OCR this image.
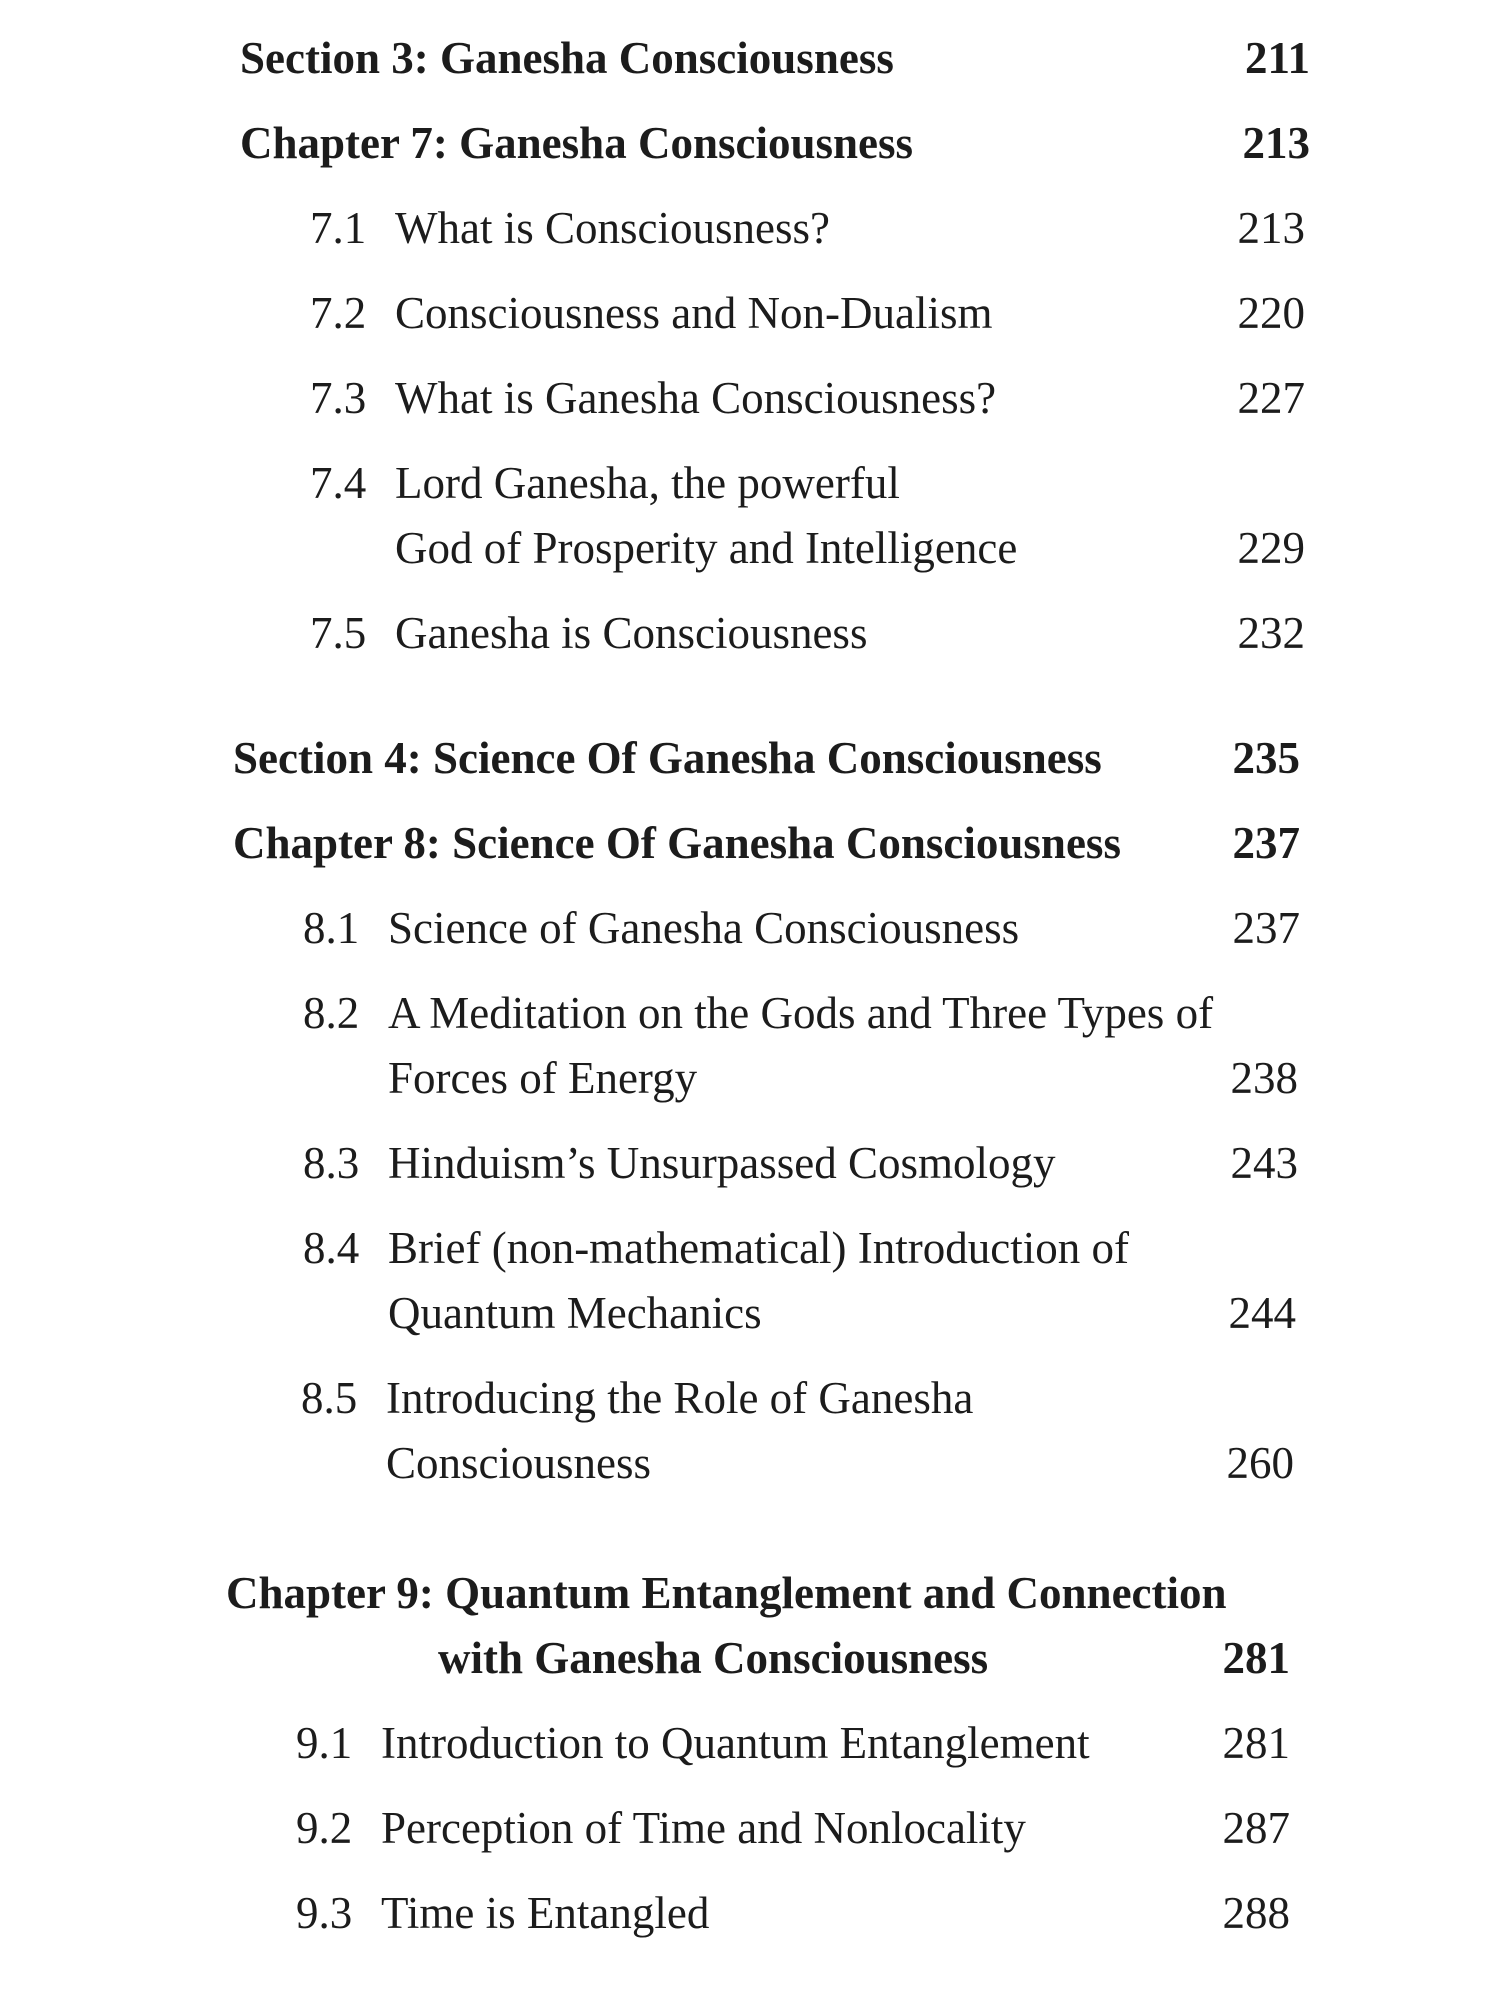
Section 3: Ganesha Consciousness	211
Chapter 7: Ganesha Consciousness	213
7.1 What is Consciousness?	213
7.2 Consciousness and Non-Dualism	220
7.3 What is Ganesha Consciousness?	227
7.4 Lord Ganesha, the powerful
God of Prosperity and Intelligence	229
7.5 Ganesha is Consciousness	232
Section 4: Science Of Ganesha Consciousness	235
Chapter 8: Science Of Ganesha Consciousness	237
8.1 Science of Ganesha Consciousness	237
8.2 A Meditation on the Gods and Three Types of
Forces of Energy	238
8.3 Hinduism’s Unsurpassed Cosmology	243
8.4 Brief (non-mathematical) Introduction of
Quantum Mechanics	244
8.5 Introducing the Role of Ganesha
Consciousness	260
Chapter 9: Quantum Entanglement and Connection
with Ganesha Consciousness	281
9.1 Introduction to Quantum Entanglement	281
9.2 Perception of Time and Nonlocality	287
9.3 Time is Entangled	288
